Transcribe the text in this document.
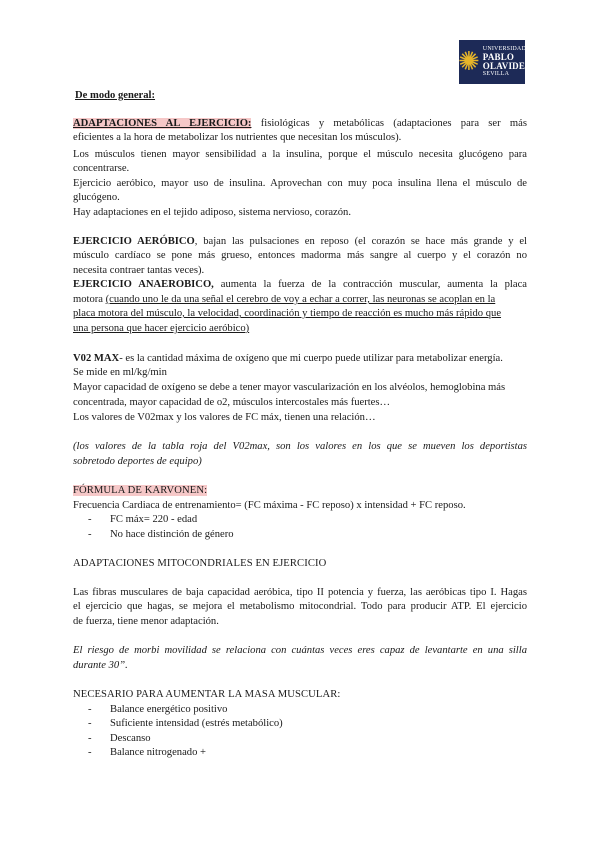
✺ UNIVERSIDAD
PABLO
OLAVIDE
SEVILLA
De modo general:
ADAPTACIONES AL EJERCICIO: fisiológicas y metabólicas (adaptaciones para ser más
eficientes a la hora de metabolizar los nutrientes que necesitan los músculos).
Los músculos tienen mayor sensibilidad a la insulina, porque el músculo necesita glucógeno para
concentrarse.
Ejercicio aeróbico, mayor uso de insulina. Aprovechan con muy poca insulina llena el músculo de
glucógeno.
Hay adaptaciones en el tejido adiposo, sistema nervioso, corazón.
EJERCICIO AERÓBICO, bajan las pulsaciones en reposo (el corazón se hace más grande y el
músculo cardíaco se pone más grueso, entonces madorma más sangre al cuerpo y el corazón no
necesita contraer tantas veces).
EJERCICIO ANAEROBICO, aumenta la fuerza de la contracción muscular, aumenta la placa
motora (cuando uno le da una señal el cerebro de voy a echar a correr, las neuronas se acoplan en la
placa motora del músculo, la velocidad, coordinación y tiempo de reacción es mucho más rápido que
una persona que hacer ejercicio aeróbico)
V02 MAX- es la cantidad máxima de oxígeno que mi cuerpo puede utilizar para metabolizar energía.
Se mide en ml/kg/min
Mayor capacidad de oxígeno se debe a tener mayor vascularización en los alvéolos, hemoglobina más
concentrada, mayor capacidad de o2, músculos intercostales más fuertes…
Los valores de V02max y los valores de FC máx, tienen una relación…
(los valores de la tabla roja del V02max, son los valores en los que se mueven los deportistas
sobretodo deportes de equipo)
FÓRMULA DE KARVONEN:
Frecuencia Cardiaca de entrenamiento= (FC máxima - FC reposo) x intensidad + FC reposo.
- FC máx= 220 - edad
- No hace distinción de género
ADAPTACIONES MITOCONDRIALES EN EJERCICIO
Las fibras musculares de baja capacidad aeróbica, tipo II potencia y fuerza, las aeróbicas tipo I. Hagas
el ejercicio que hagas, se mejora el metabolismo mitocondrial. Todo para producir ATP. El ejercicio
de fuerza, tiene menor adaptación.
El riesgo de morbi movilidad se relaciona con cuántas veces eres capaz de levantarte en una silla
durante 30”.
NECESARIO PARA AUMENTAR LA MASA MUSCULAR:
- Balance energético positivo
- Suficiente intensidad (estrés metabólico)
- Descanso
- Balance nitrogenado +
